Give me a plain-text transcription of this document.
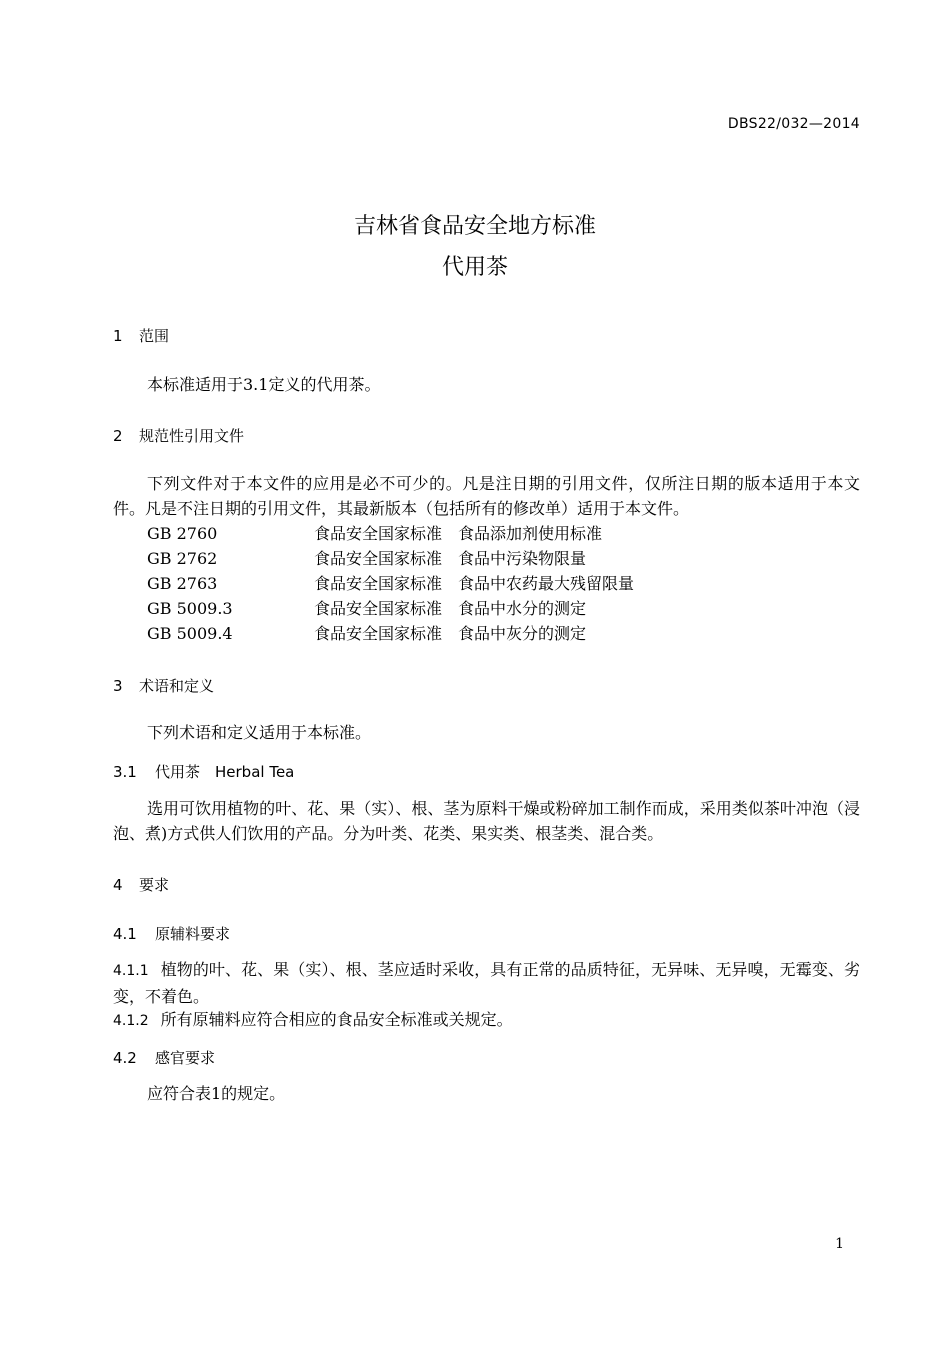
DBS22/032—2014
吉林省食品安全地方标准
代用茶
1 范围
本标准适用于3.1定义的代用茶。
2 规范性引用文件
下列文件对于本文件的应用是必不可少的。凡是注日期的引用文件，仅所注日期的版本适用于本文件。凡是不注日期的引用文件，其最新版本（包括所有的修改单）适用于本文件。
GB 2760	食品安全国家标准　食品添加剂使用标准
GB 2762	食品安全国家标准　食品中污染物限量
GB 2763	食品安全国家标准　食品中农药最大残留限量
GB 5009.3	食品安全国家标准　食品中水分的测定
GB 5009.4	食品安全国家标准　食品中灰分的测定
3 术语和定义
下列术语和定义适用于本标准。
3.1 代用茶　Herbal Tea
选用可饮用植物的叶、花、果（实）、根、茎为原料干燥或粉碎加工制作而成，采用类似茶叶冲泡（浸泡、煮)方式供人们饮用的产品。分为叶类、花类、果实类、根茎类、混合类。
4 要求
4.1 原辅料要求
4.1.1 植物的叶、花、果（实）、根、茎应适时采收，具有正常的品质特征，无异味、无异嗅，无霉变、劣变，不着色。
4.1.2 所有原辅料应符合相应的食品安全标准或关规定。
4.2 感官要求
应符合表1的规定。
1
